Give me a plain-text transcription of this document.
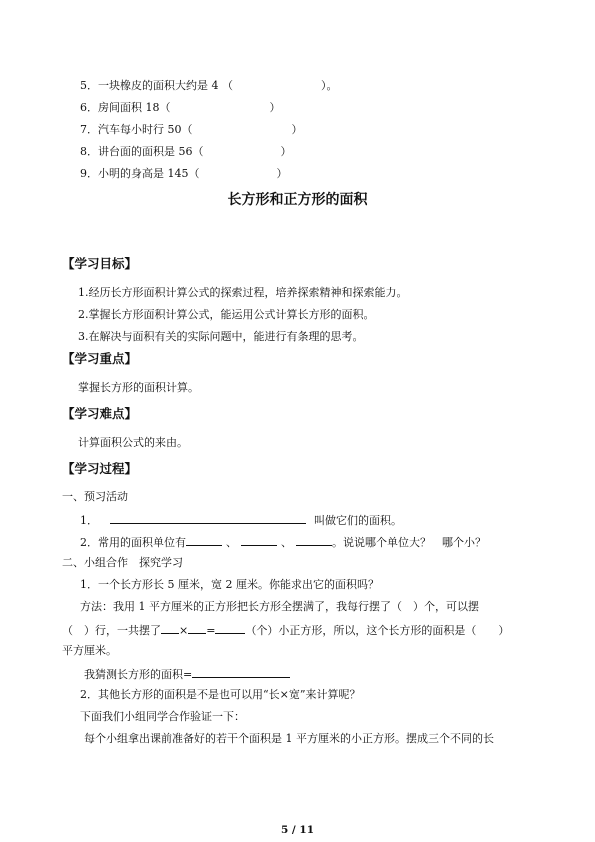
5．一块橡皮的面积大约是 4 （　　　　　　　　）。
6．房间面积 18（　　　　　　　　　）
7．汽车每小时行 50（　　　　　　　　　）
8．讲台面的面积是 56（　　　　　　　）
9．小明的身高是 145（　　　　　　　）
长方形和正方形的面积
【学习目标】
1.经历长方形面积计算公式的探索过程，培养探索精神和探索能力。
2.掌握长方形面积计算公式，能运用公式计算长方形的面积。
3.在解决与面积有关的实际问题中，能进行有条理的思考。
【学习重点】
掌握长方形的面积计算。
【学习难点】
计算面积公式的来由。
【学习过程】
一、预习活动
1．	叫做它们的面积。
2．常用的面积单位有	、	、	。说说哪个单位大？　哪个小？
二、小组合作　探究学习
1．一个长方形长 5 厘米，宽 2 厘米。你能求出它的面积吗？
方法：我用 1 平方厘米的正方形把长方形全摆满了，我每行摆了（　）个，可以摆
（　）行，一共摆了 × =	（个）小正方形，所以，这个长方形的面积是（　　）
平方厘米。
我猜测长方形的面积=
2．其他长方形的面积是不是也可以用“长×宽”来计算呢？
下面我们小组同学合作验证一下：
每个小组拿出课前准备好的若干个面积是 1 平方厘米的小正方形。摆成三个不同的长
5 / 11
